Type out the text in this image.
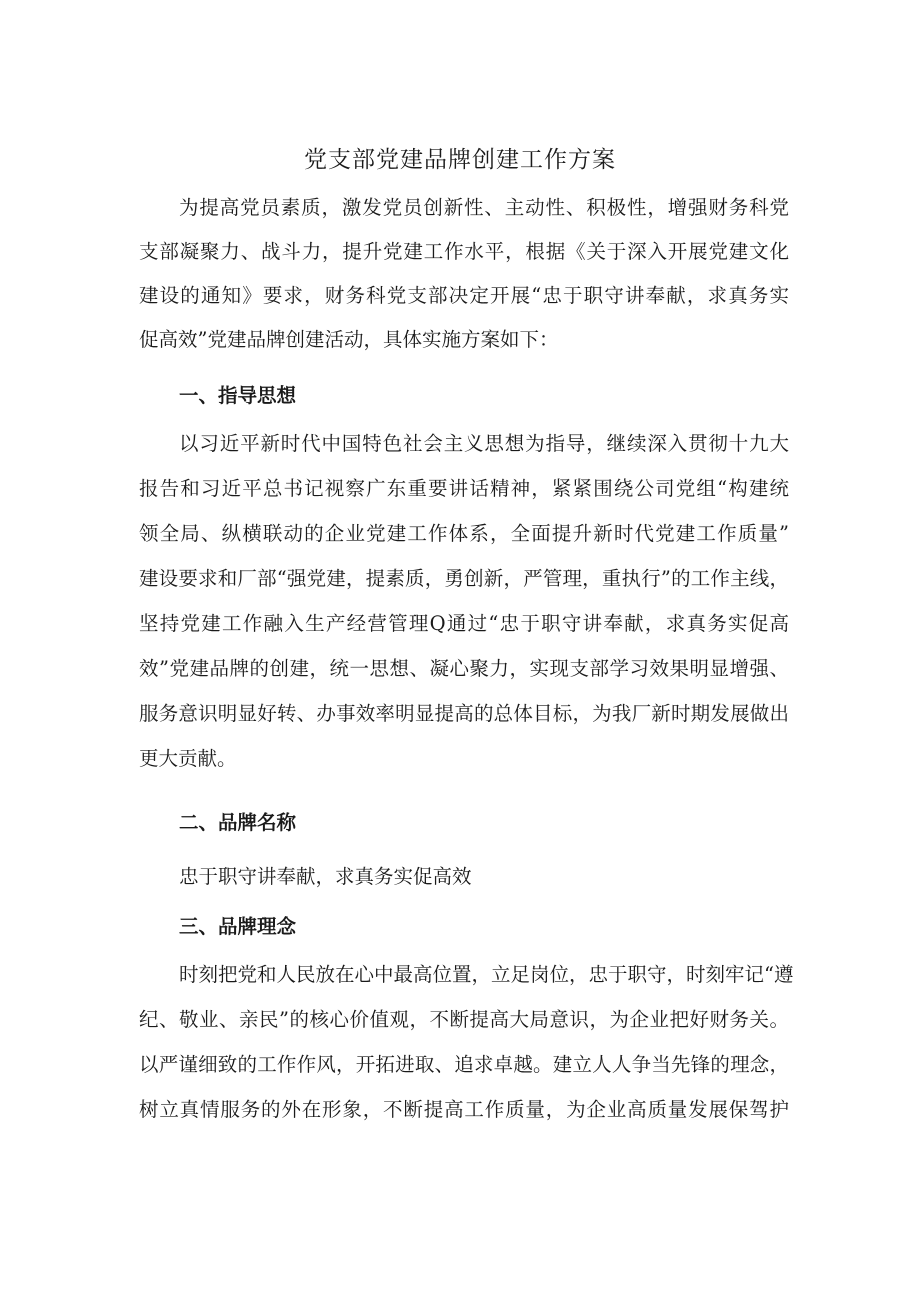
党支部党建品牌创建工作方案
为提高党员素质，激发党员创新性、主动性、积极性，增强财务科党
支部凝聚力、战斗力，提升党建工作水平，根据《关于深入开展党建文化
建设的通知》要求，财务科党支部决定开展“忠于职守讲奉献，求真务实
促高效”党建品牌创建活动，具体实施方案如下：
一、指导思想
以习近平新时代中国特色社会主义思想为指导，继续深入贯彻十九大
报告和习近平总书记视察广东重要讲话精神，紧紧围绕公司党组“构建统
领全局、纵横联动的企业党建工作体系，全面提升新时代党建工作质量”
建设要求和厂部“强党建，提素质，勇创新，严管理，重执行”的工作主线，
坚持党建工作融入生产经营管理Q通过“忠于职守讲奉献，求真务实促高
效”党建品牌的创建，统一思想、凝心聚力，实现支部学习效果明显增强、
服务意识明显好转、办事效率明显提高的总体目标，为我厂新时期发展做出
更大贡献。
二、品牌名称
忠于职守讲奉献，求真务实促高效
三、品牌理念
时刻把党和人民放在心中最高位置，立足岗位，忠于职守，时刻牢记“遵
纪、敬业、亲民”的核心价值观，不断提高大局意识，为企业把好财务关。
以严谨细致的工作作风，开拓进取、追求卓越。建立人人争当先锋的理念，
树立真情服务的外在形象，不断提高工作质量，为企业高质量发展保驾护
